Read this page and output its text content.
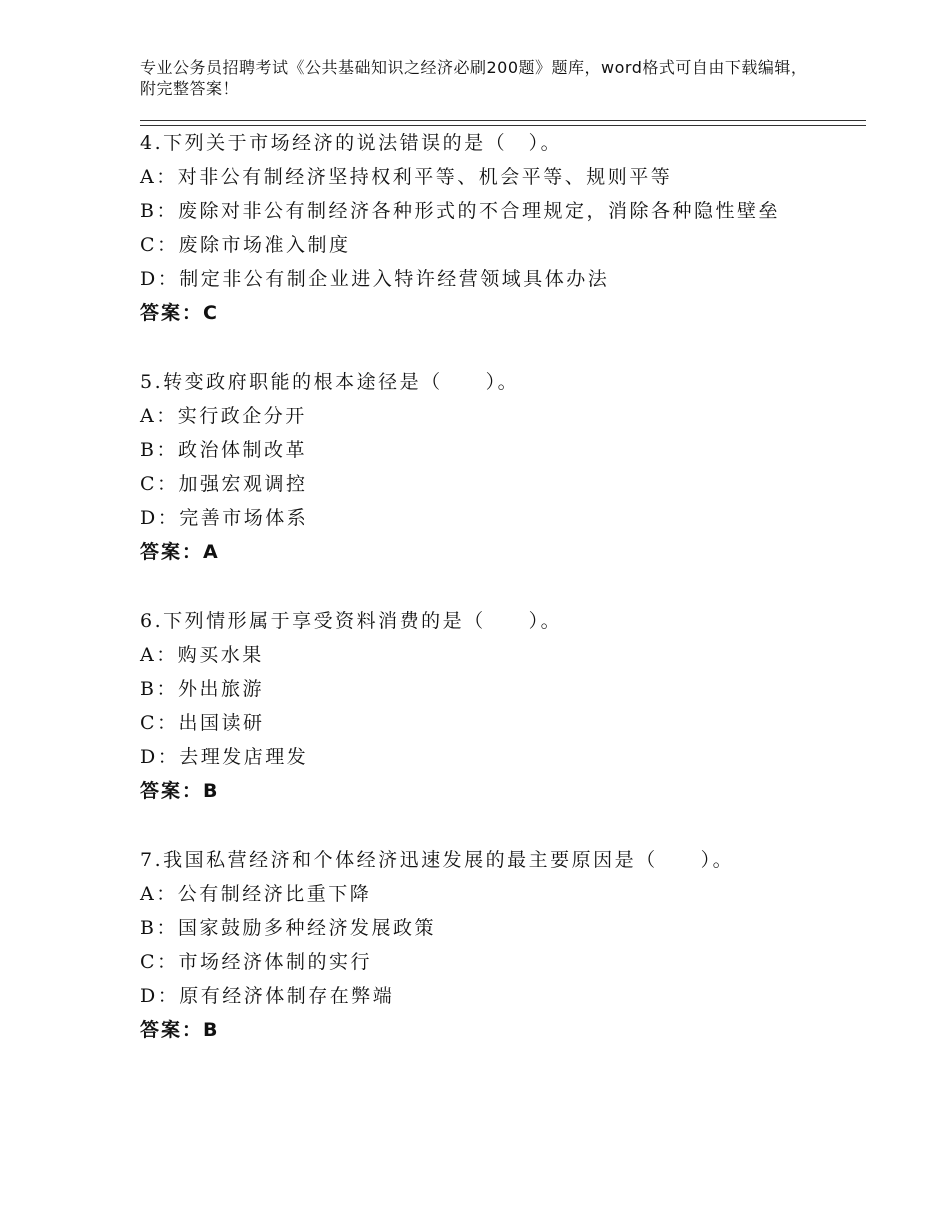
专业公务员招聘考试《公共基础知识之经济必刷200题》题库，word格式可自由下载编辑，附完整答案！
4.下列关于市场经济的说法错误的是（　）。
A：对非公有制经济坚持权利平等、机会平等、规则平等
B：废除对非公有制经济各种形式的不合理规定，消除各种隐性壁垒
C：废除市场准入制度
D：制定非公有制企业进入特许经营领域具体办法
答案：C
5.转变政府职能的根本途径是（　　）。
A：实行政企分开
B：政治体制改革
C：加强宏观调控
D：完善市场体系
答案：A
6.下列情形属于享受资料消费的是（　　）。
A：购买水果
B：外出旅游
C：出国读研
D：去理发店理发
答案：B
7.我国私营经济和个体经济迅速发展的最主要原因是（　　）。
A：公有制经济比重下降
B：国家鼓励多种经济发展政策
C：市场经济体制的实行
D：原有经济体制存在弊端
答案：B
